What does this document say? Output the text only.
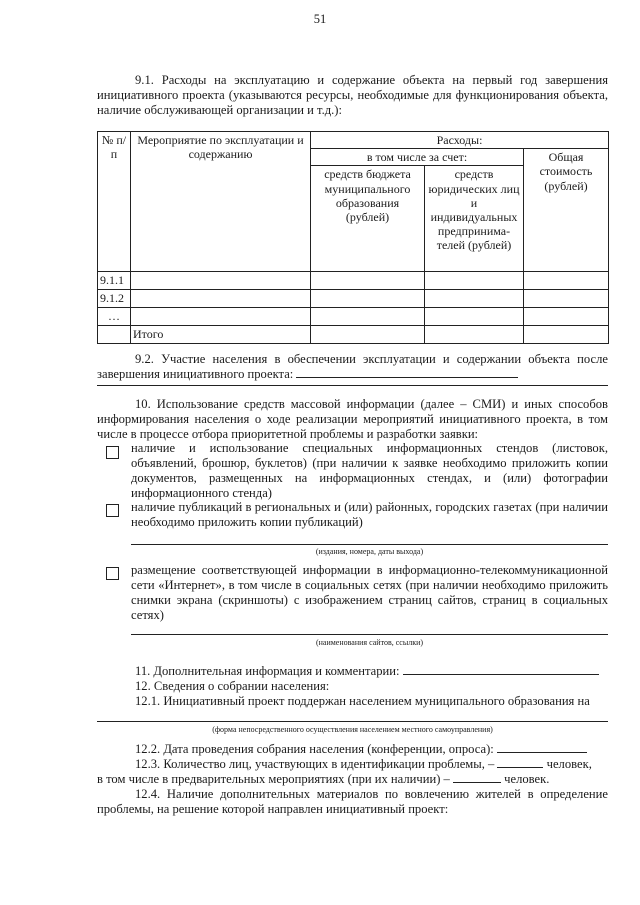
51
9.1. Расходы на эксплуатацию и содержание объекта на первый год завершения инициативного проекта (указываются ресурсы, необходимые для функционирования объекта, наличие обслуживающей организации и т.д.):
№ п/п	Мероприятие по эксплуатации и содержанию	Расходы:		
		в том числе за счет:		Общая стоимость (рублей)
		средств бюджета муниципального образования (рублей)	средств юридических лиц и индивидуальных предпринима-телей (рублей)	
9.1.1				
9.1.2				
…				
	Итого			
9.2. Участие населения в обеспечении эксплуатации и содержании объекта после завершения инициативного проекта:
10. Использование средств массовой информации (далее – СМИ) и иных способов информирования населения о ходе реализации мероприятий инициативного проекта, в том числе в процессе отбора приоритетной проблемы и разработки заявки:
наличие и использование специальных информационных стендов (листовок, объявлений, брошюр, буклетов) (при наличии к заявке необходимо приложить копии документов, размещенных на информационных стендах, и (или) фотографии информационного стенда)
наличие публикаций в региональных и (или) районных, городских газетах (при наличии необходимо приложить копии публикаций)
(издания, номера, даты выхода)
размещение соответствующей информации в информационно-телекоммуникационной сети «Интернет», в том числе в социальных сетях (при наличии необходимо приложить снимки экрана (скриншоты) с изображением страниц сайтов, страниц в социальных сетях)
(наименования сайтов, ссылки)
11. Дополнительная информация и комментарии:
12. Сведения о собрании населения:
12.1. Инициативный проект поддержан населением муниципального образования на
(форма непосредственного осуществления населением местного самоуправления)
12.2. Дата проведения собрания населения (конференции, опроса):
12.3. Количество лиц, участвующих в идентификации проблемы, –	человек,
в том числе в предварительных мероприятиях (при их наличии) –	человек.
12.4. Наличие дополнительных материалов по вовлечению жителей в определение проблемы, на решение которой направлен инициативный проект:
